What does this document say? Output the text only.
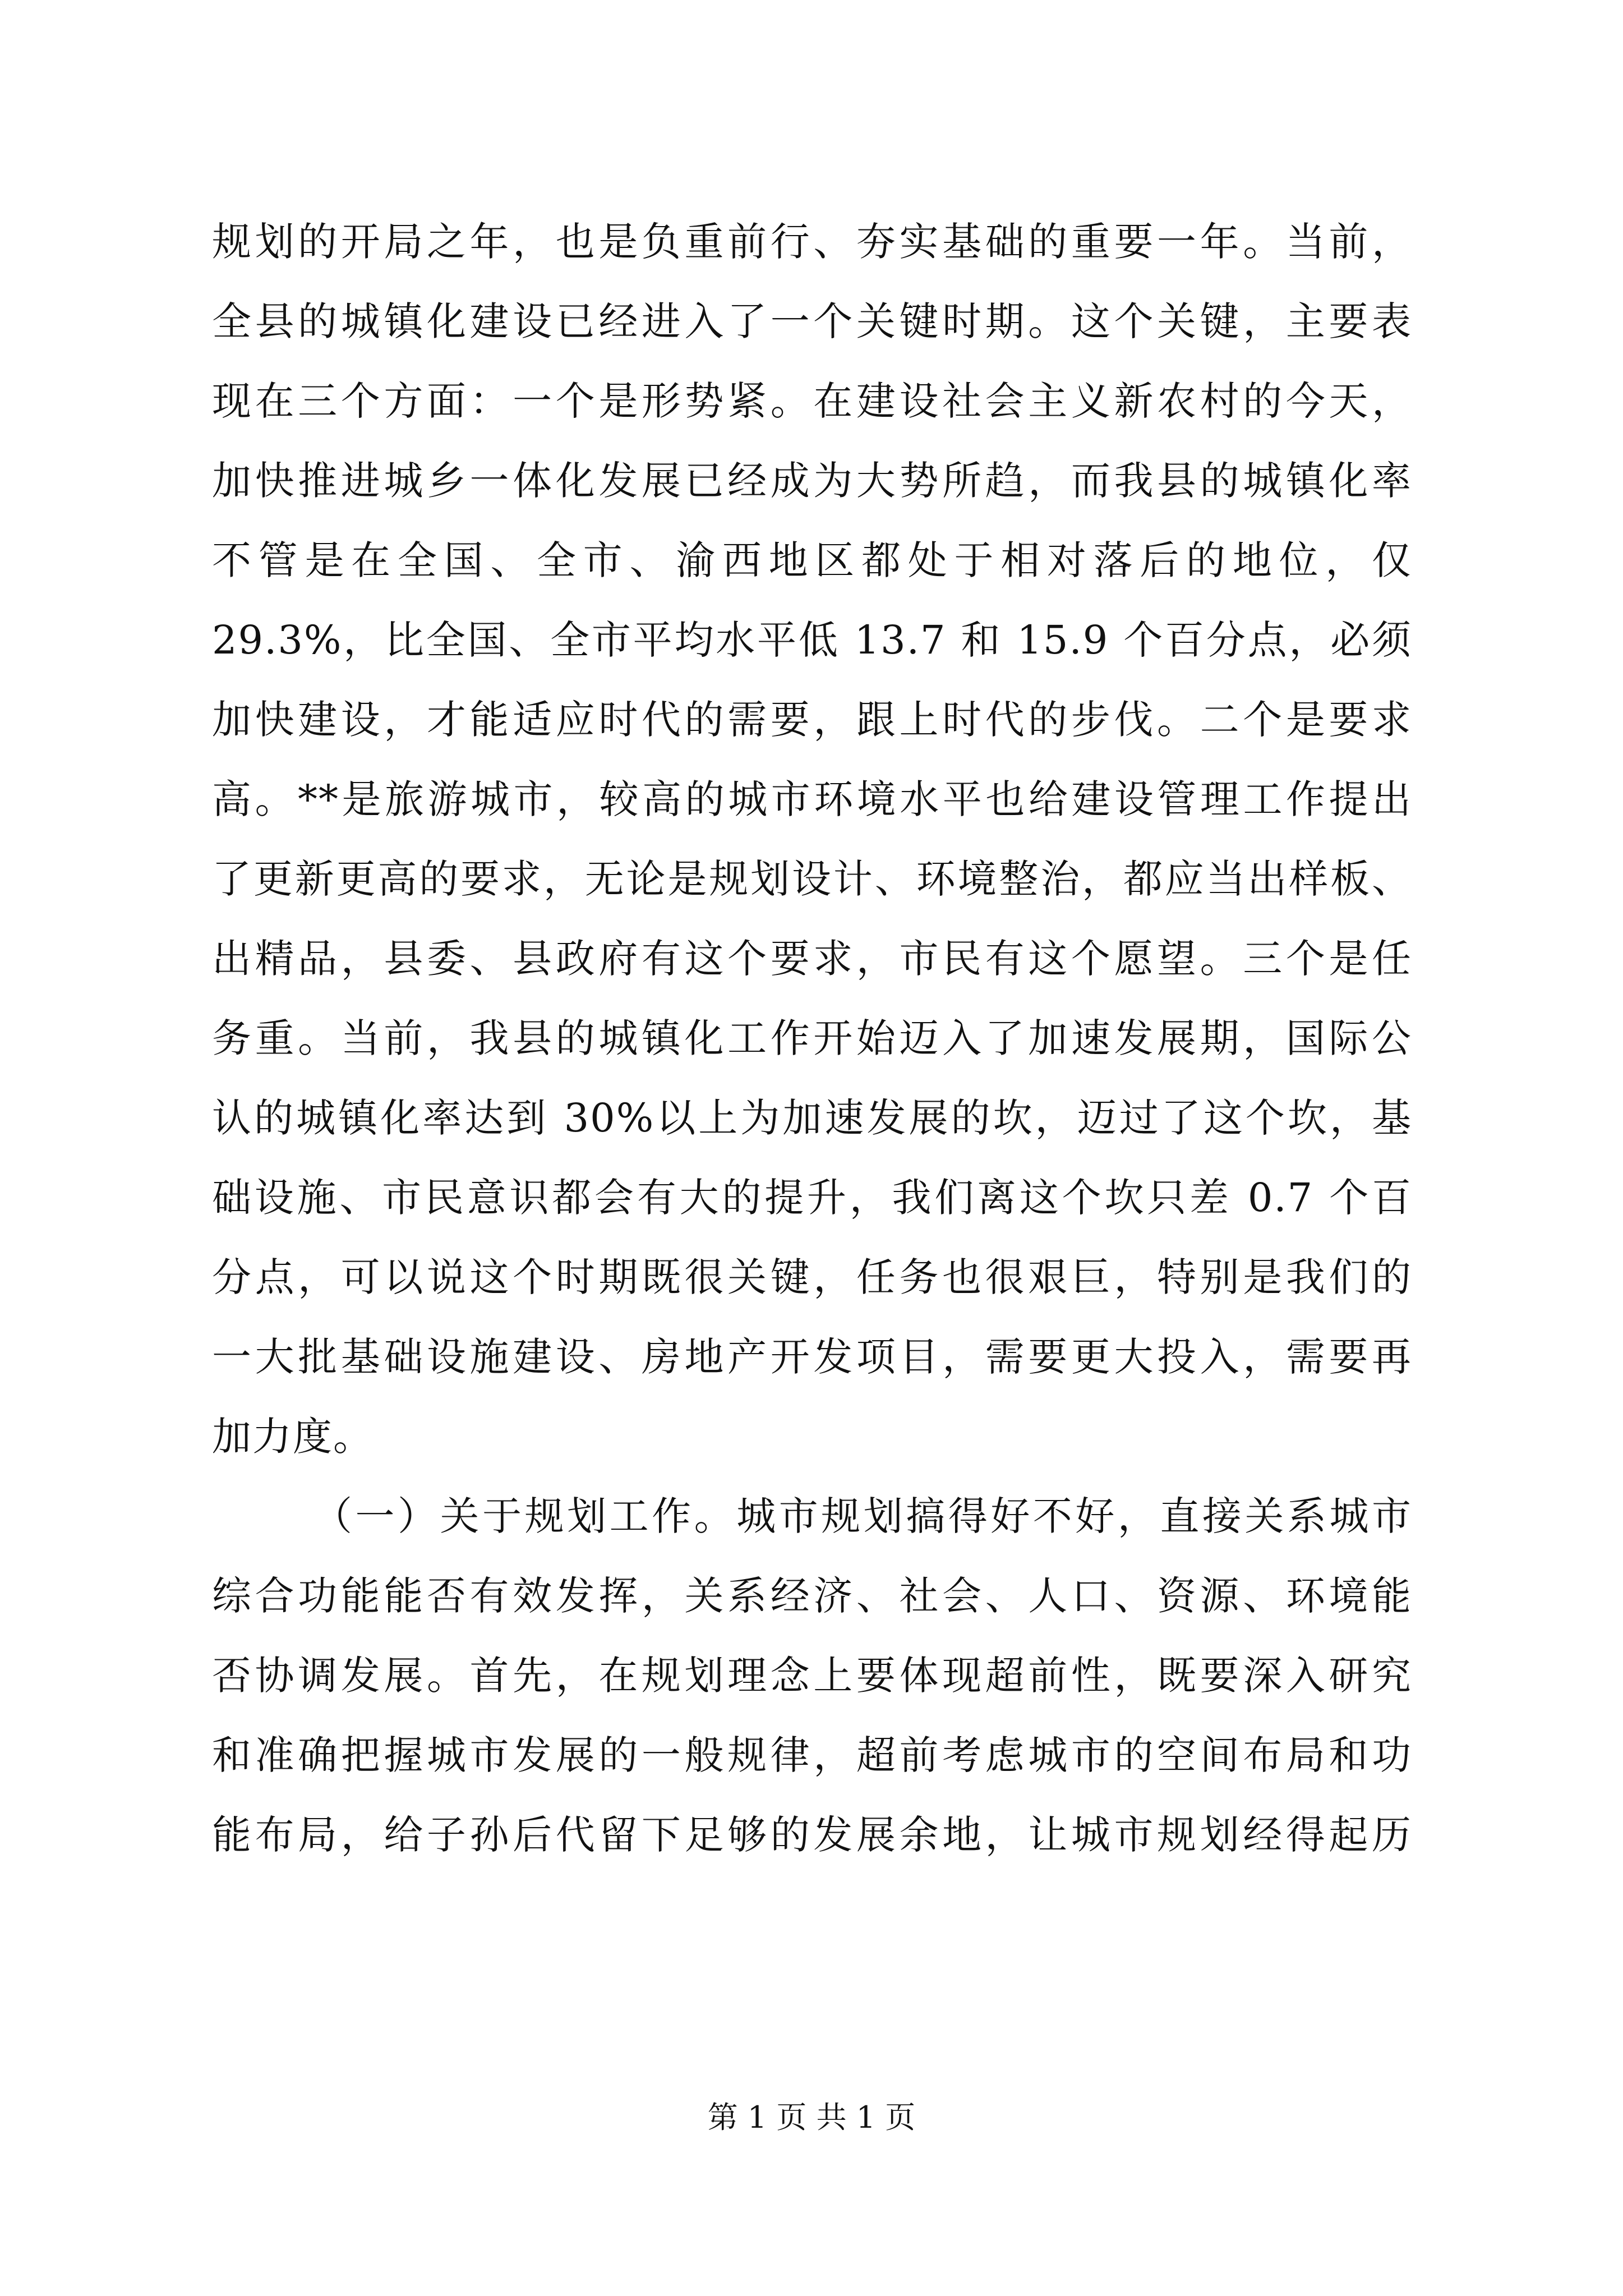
规划的开局之年，也是负重前行、夯实基础的重要一年。当前，
全县的城镇化建设已经进入了一个关键时期。这个关键，主要表
现在三个方面：一个是形势紧。在建设社会主义新农村的今天，
加快推进城乡一体化发展已经成为大势所趋，而我县的城镇化率
不管是在全国、全市、渝西地区都处于相对落后的地位，仅
29.3%，比全国、全市平均水平低 13.7 和 15.9 个百分点，必须
加快建设，才能适应时代的需要，跟上时代的步伐。二个是要求
高。**是旅游城市，较高的城市环境水平也给建设管理工作提出
了更新更高的要求，无论是规划设计、环境整治，都应当出样板、
出精品，县委、县政府有这个要求，市民有这个愿望。三个是任
务重。当前，我县的城镇化工作开始迈入了加速发展期，国际公
认的城镇化率达到 30%以上为加速发展的坎，迈过了这个坎，基
础设施、市民意识都会有大的提升，我们离这个坎只差 0.7 个百
分点，可以说这个时期既很关键，任务也很艰巨，特别是我们的
一大批基础设施建设、房地产开发项目，需要更大投入，需要再
加力度。
（一）关于规划工作。城市规划搞得好不好，直接关系城市
综合功能能否有效发挥，关系经济、社会、人口、资源、环境能
否协调发展。首先，在规划理念上要体现超前性，既要深入研究
和准确把握城市发展的一般规律，超前考虑城市的空间布局和功
能布局，给子孙后代留下足够的发展余地，让城市规划经得起历
第 1 页 共 1 页
